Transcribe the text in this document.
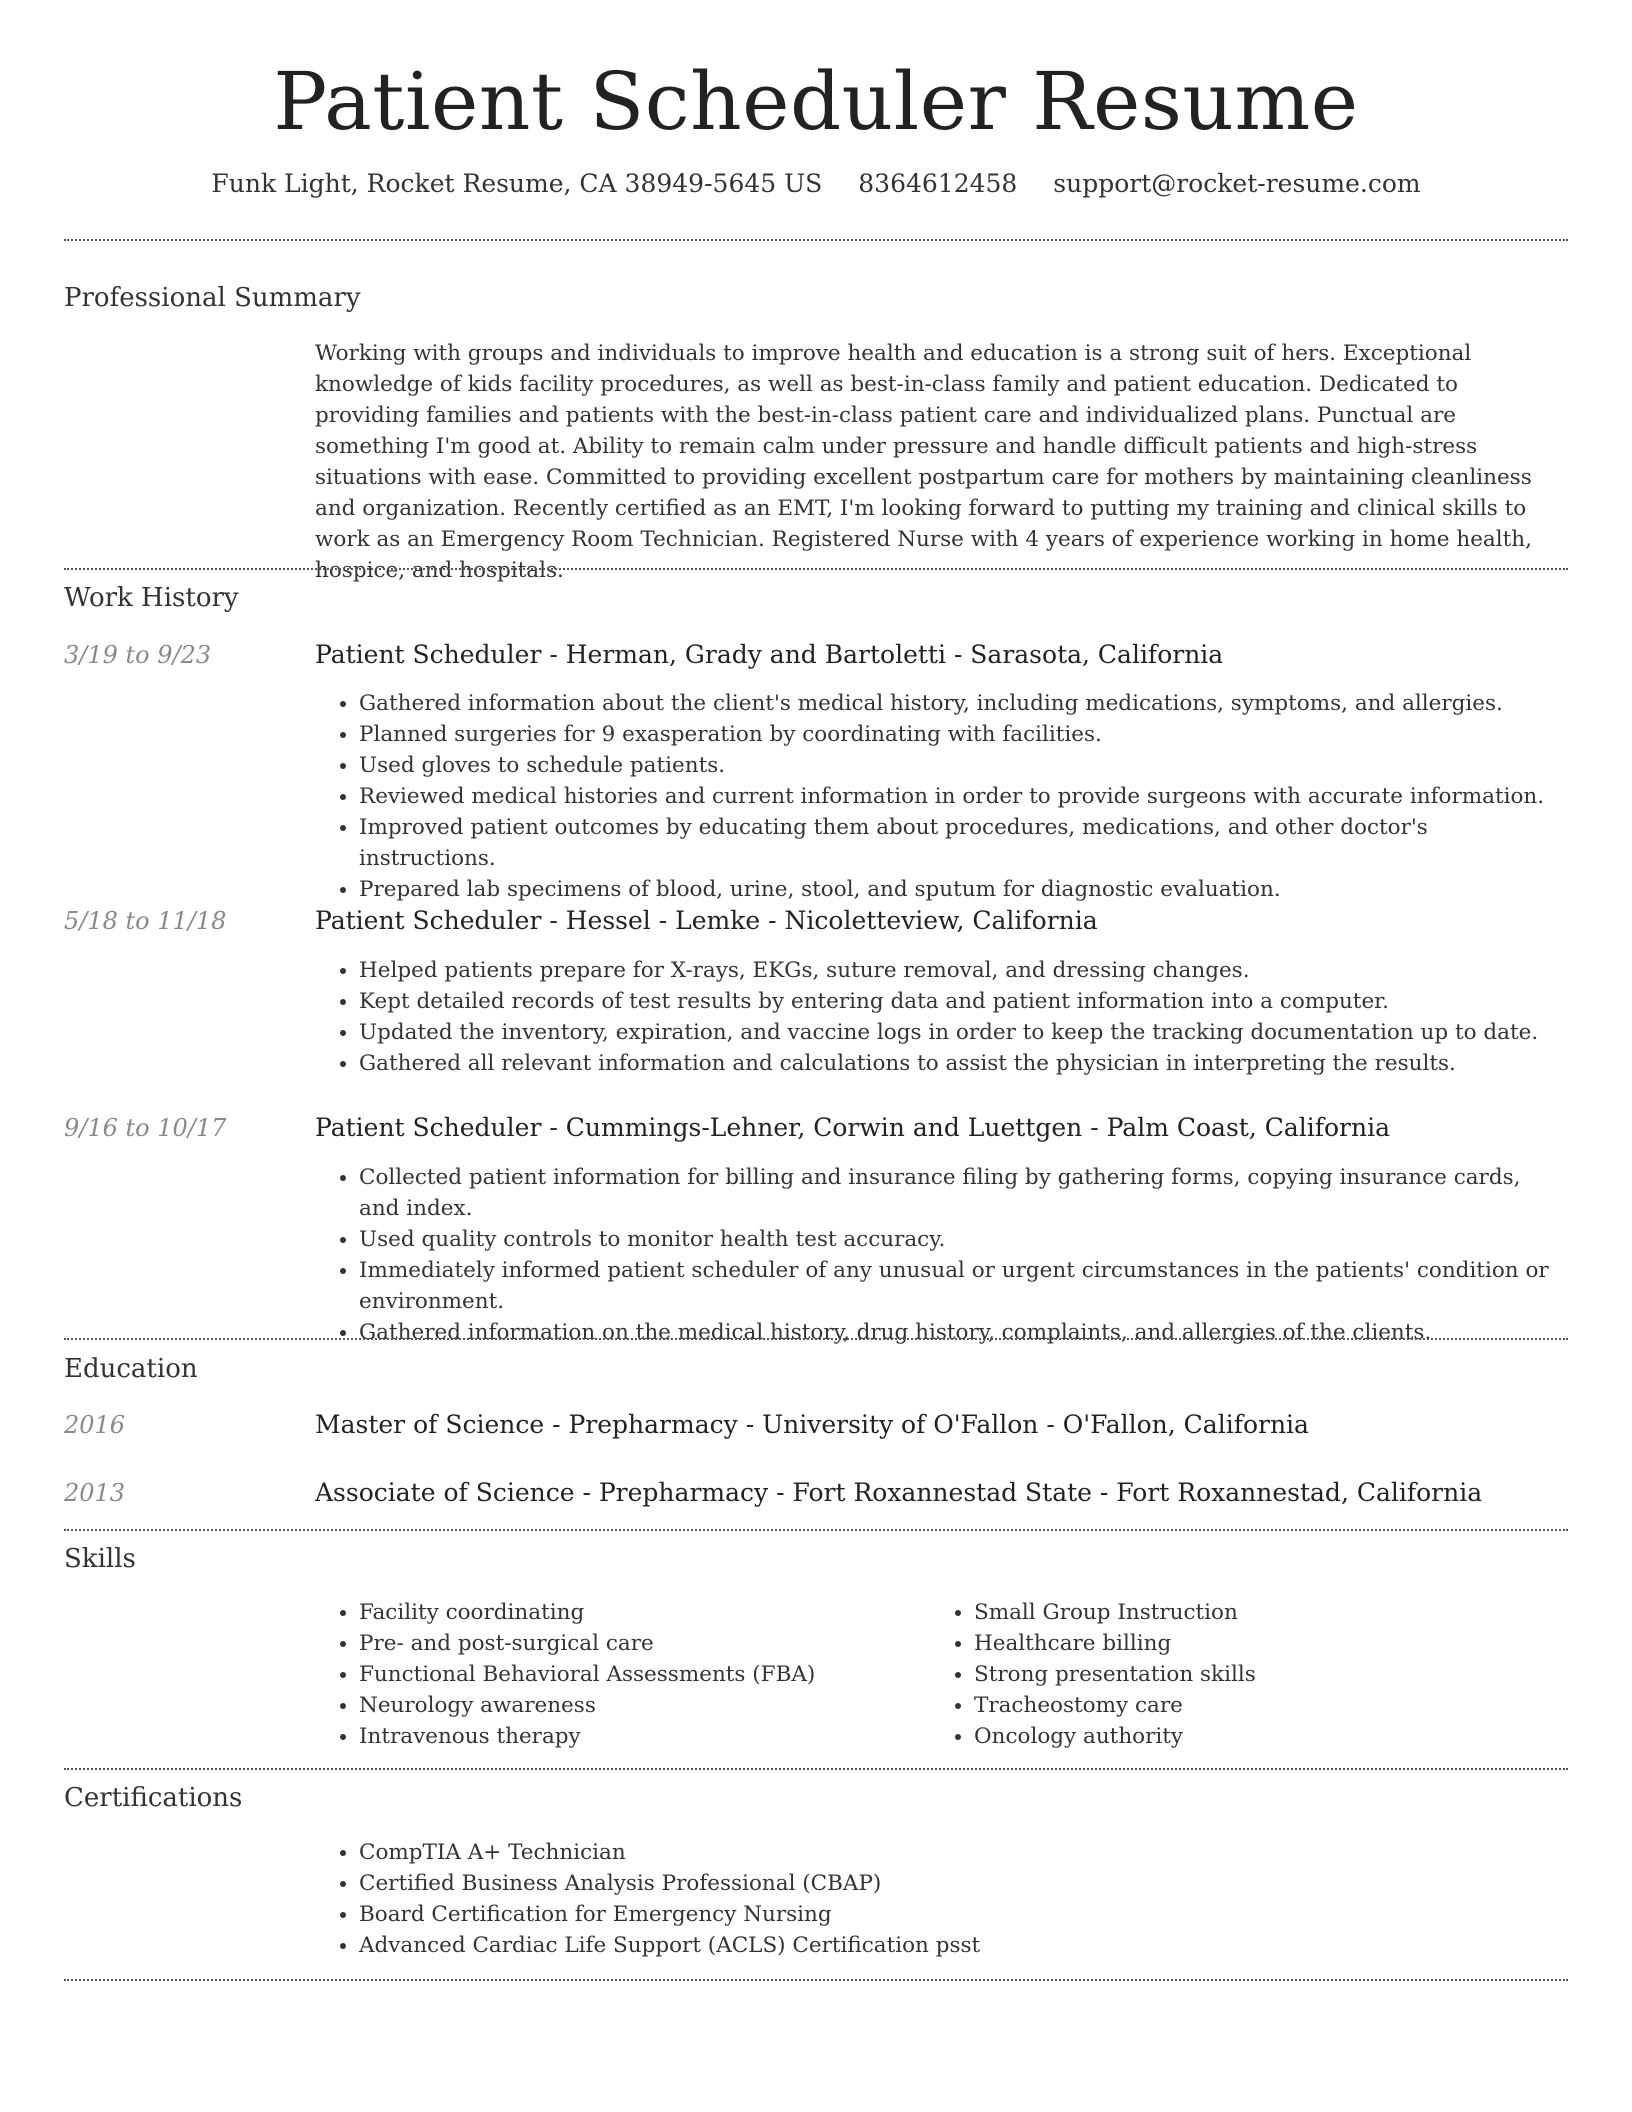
Patient Scheduler Resume
Funk Light, Rocket Resume, CA 38949-5645 US 8364612458 support@rocket-resume.com
Professional Summary

Working with groups and individuals to improve health and education is a strong suit of hers. Exceptional knowledge of kids facility procedures, as well as best-in-class family and patient education. Dedicated to providing families and patients with the best-in-class patient care and individualized plans. Punctual are something I'm good at. Ability to remain calm under pressure and handle difficult patients and high-stress situations with ease. Committed to providing excellent postpartum care for mothers by maintaining cleanliness and organization. Recently certified as an EMT, I'm looking forward to putting my training and clinical skills to work as an Emergency Room Technician. Registered Nurse with 4 years of experience working in home health, hospice, and hospitals.

Work History
3/19 to 9/23	Patient Scheduler - Herman, Grady and Bartoletti - Sarasota, California
• Gathered information about the client's medical history, including medications, symptoms, and allergies.
• Planned surgeries for 9 exasperation by coordinating with facilities.
• Used gloves to schedule patients.
• Reviewed medical histories and current information in order to provide surgeons with accurate information.
• Improved patient outcomes by educating them about procedures, medications, and other doctor's instructions.
• Prepared lab specimens of blood, urine, stool, and sputum for diagnostic evaluation.
5/18 to 11/18	Patient Scheduler - Hessel - Lemke - Nicoletteview, California
• Helped patients prepare for X-rays, EKGs, suture removal, and dressing changes.
• Kept detailed records of test results by entering data and patient information into a computer.
• Updated the inventory, expiration, and vaccine logs in order to keep the tracking documentation up to date.
• Gathered all relevant information and calculations to assist the physician in interpreting the results.
9/16 to 10/17	Patient Scheduler - Cummings-Lehner, Corwin and Luettgen - Palm Coast, California
• Collected patient information for billing and insurance filing by gathering forms, copying insurance cards, and index.
• Used quality controls to monitor health test accuracy.
• Immediately informed patient scheduler of any unusual or urgent circumstances in the patients' condition or environment.
• Gathered information on the medical history, drug history, complaints, and allergies of the clients.
Education
2016	Master of Science - Prepharmacy - University of O'Fallon - O'Fallon, California
2013	Associate of Science - Prepharmacy - Fort Roxannestad State - Fort Roxannestad, California
Skills
• Facility coordinating
• Pre- and post-surgical care
• Functional Behavioral Assessments (FBA)
• Neurology awareness
• Intravenous therapy
• Small Group Instruction
• Healthcare billing
• Strong presentation skills
• Tracheostomy care
• Oncology authority
Certifications
• CompTIA A+ Technician
• Certified Business Analysis Professional (CBAP)
• Board Certification for Emergency Nursing
• Advanced Cardiac Life Support (ACLS) Certification psst
